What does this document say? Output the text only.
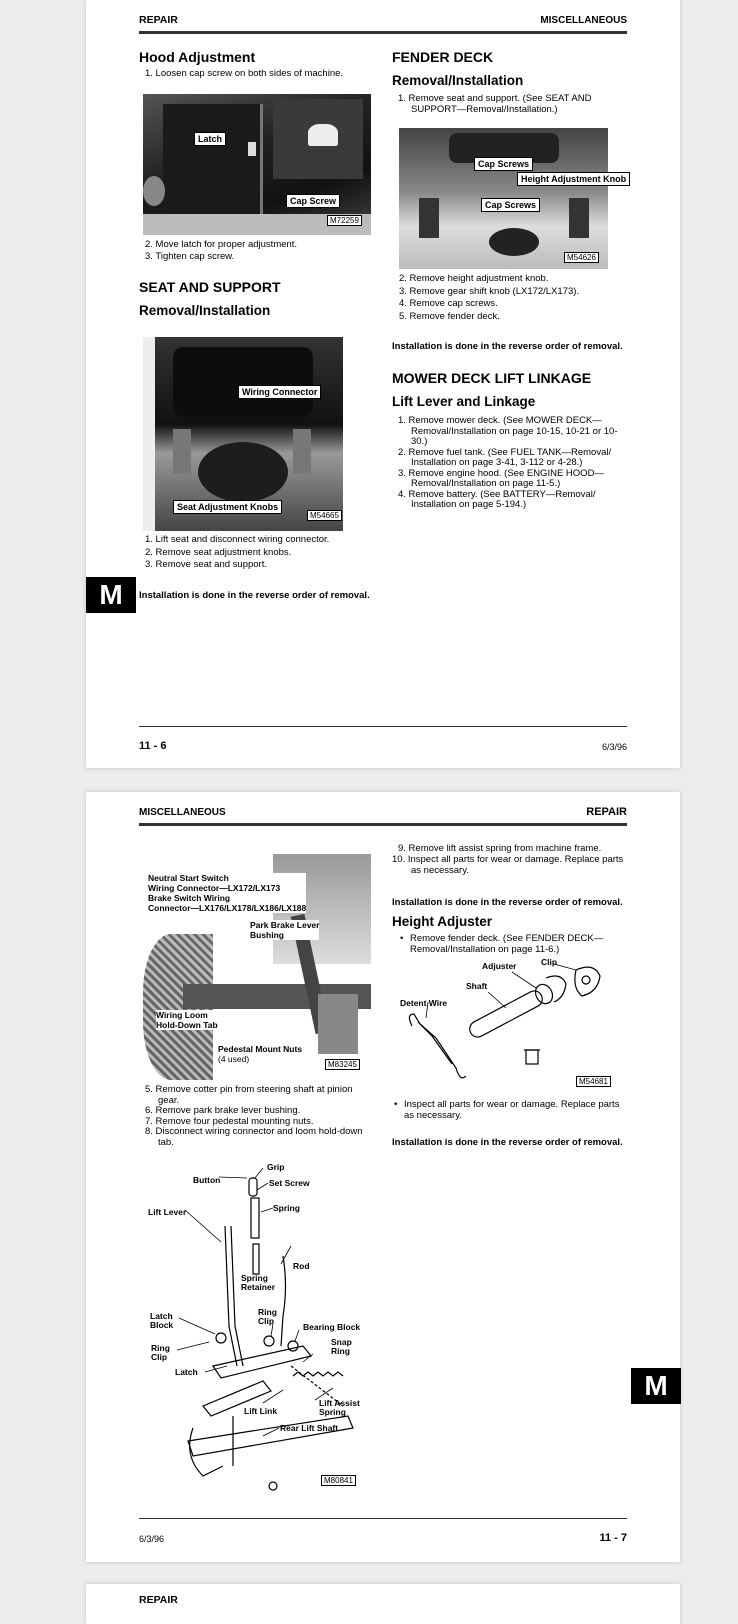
REPAIR	MISCELLANEOUS
Hood Adjustment
1. Loosen cap screw on both sides of machine.
Latch
Cap Screw
M72259
2. Move latch for proper adjustment.
3. Tighten cap screw.
SEAT AND SUPPORT
Removal/Installation
Wiring Connector
Seat Adjustment Knobs
M54665
1. Lift seat and disconnect wiring connector.
2. Remove seat adjustment knobs.
3. Remove seat and support.
Installation is done in the reverse order of removal.
FENDER DECK
Removal/Installation
1. Remove seat and support. (See SEAT AND
SUPPORT—Removal/Installation.)
Cap Screws
Height Adjustment Knob
Cap Screws
M54626
2. Remove height adjustment knob.
3. Remove gear shift knob (LX172/LX173).
4. Remove cap screws.
5. Remove fender deck.
Installation is done in the reverse order of removal.
MOWER DECK LIFT LINKAGE
Lift Lever and Linkage
1. Remove mower deck. (See MOWER DECK—
Removal/Installation on page 10-15, 10-21 or 10-
30.)
2. Remove fuel tank. (See FUEL TANK—Removal/
Installation on page 3-41, 3-112 or 4-28.)
3. Remove engine hood. (See ENGINE HOOD—
Removal/Installation on page 11-5.)
4. Remove battery. (See BATTERY—Removal/
Installation on page 5-194.)
11 - 6	6/3/96
M
MISCELLANEOUS	REPAIR
Neutral Start Switch
Wiring Connector—LX172/LX173
Brake Switch Wiring
Connector—LX176/LX178/LX186/LX188
Park Brake Lever
Bushing
Wiring Loom
Hold-Down Tab
Pedestal Mount Nuts
(4 used)
M83245
5. Remove cotter pin from steering shaft at pinion
gear.
6. Remove park brake lever bushing.
7. Remove four pedestal mounting nuts.
8. Disconnect wiring connector and loom hold-down
tab.
Button
Grip
Set Screw
Lift Lever	Spring
Rod
Spring
Retainer
Latch
Block
Ring
Clip
Bearing Block
Ring
Clip
Snap
Ring
Latch
Lift Link
Lift Assist
Spring
Rear Lift Shaft
M80841
9. Remove lift assist spring from machine frame.
10. Inspect all parts for wear or damage. Replace parts
as necessary.
Installation is done in the reverse order of removal.
Height Adjuster
• Remove fender deck. (See FENDER DECK—
Removal/Installation on page 11-6.)
Adjuster	Clip
Shaft
Detent Wire
M54681
• Inspect all parts for wear or damage. Replace parts
as necessary.
Installation is done in the reverse order of removal.
6/3/96	11 - 7
M
REPAIR
